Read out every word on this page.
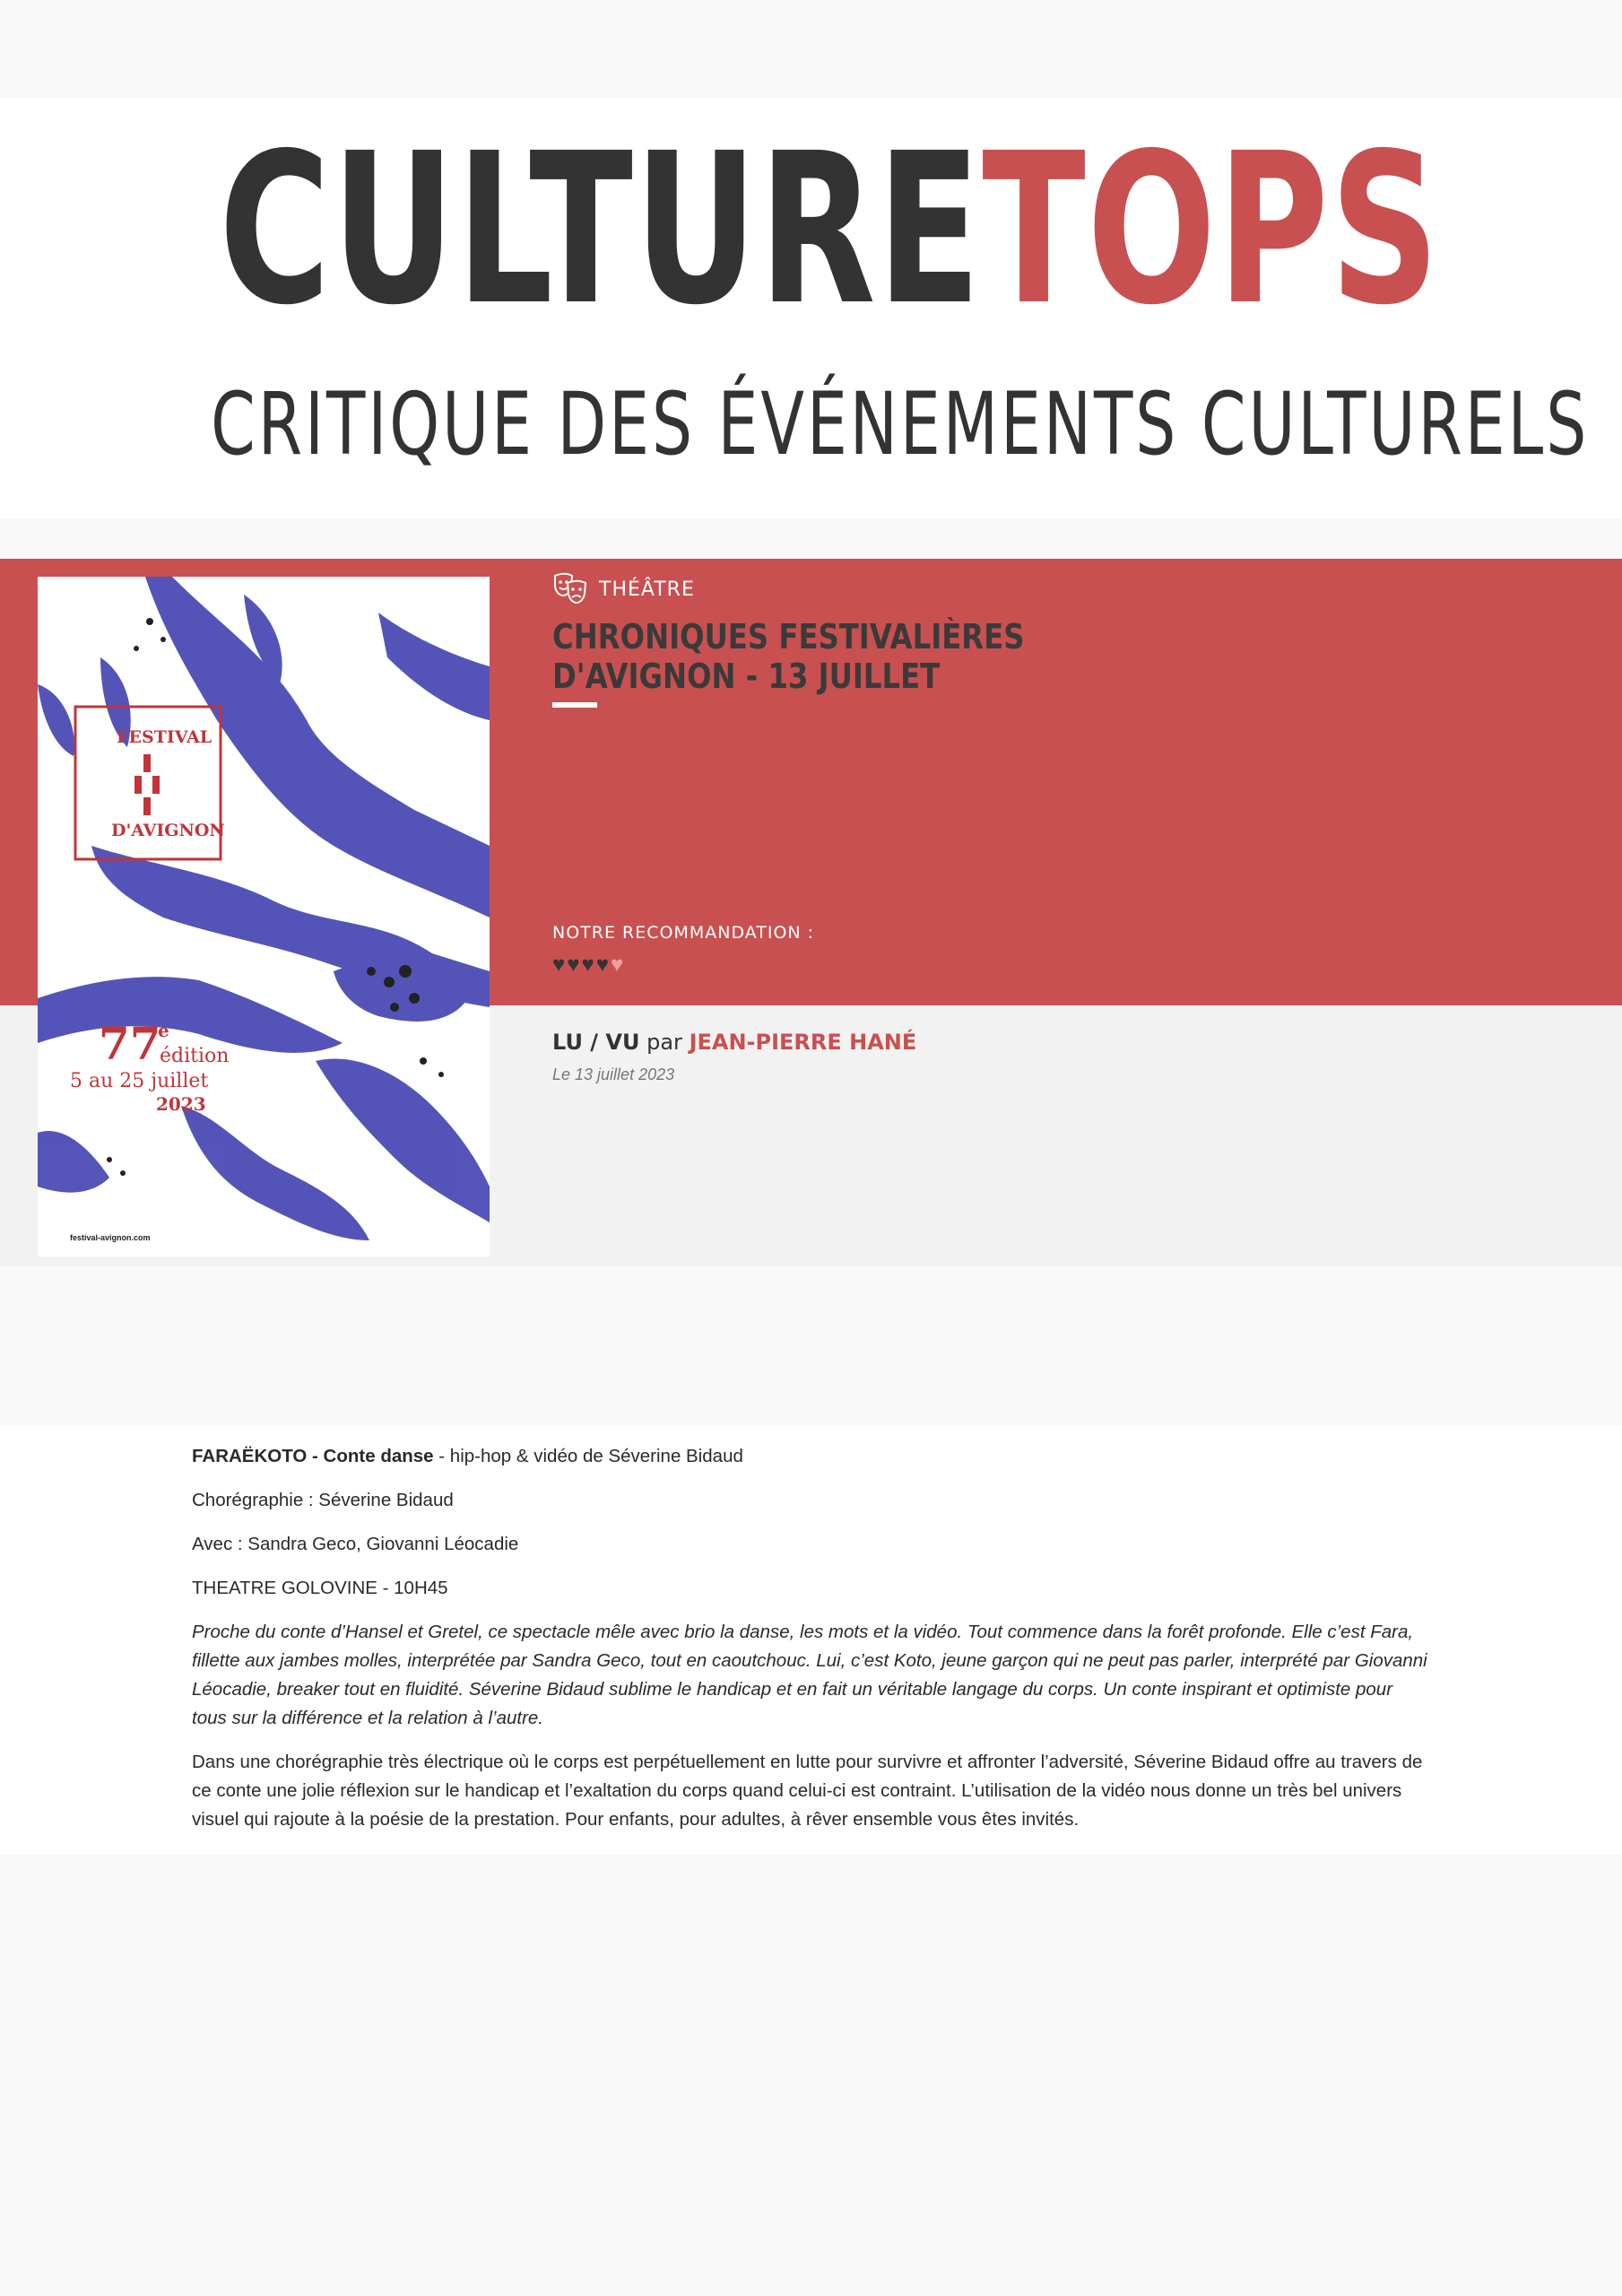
CULTURETOPS
CRITIQUE DES ÉVÉNEMENTS CULTURELS
FESTIVAL
D'AVIGNON
77
e
édition
5 au 25 juillet
2023
festival-avignon.com
THÉÂTRE
CHRONIQUES FESTIVALIÈRES
D'AVIGNON - 13 JUILLET
NOTRE RECOMMANDATION :
♥ ♥ ♥ ♥ ♥
LU / VU par JEAN-PIERRE HANÉ
Le 13 juillet 2023

FARAËKOTO - Conte danse - hip-hop & vidéo de Séverine Bidaud

Chorégraphie : Séverine Bidaud

Avec : Sandra Geco, Giovanni Léocadie

THEATRE GOLOVINE - 10H45

Proche du conte d’Hansel et Gretel, ce spectacle mêle avec brio la danse, les mots et la vidéo. Tout commence dans la forêt profonde. Elle c’est Fara, fillette aux jambes molles, interprétée par Sandra Geco, tout en caoutchouc. Lui, c’est Koto, jeune garçon qui ne peut pas parler, interprété par Giovanni Léocadie, breaker tout en fluidité. Séverine Bidaud sublime le handicap et en fait un véritable langage du corps. Un conte inspirant et optimiste pour tous sur la différence et la relation à l’autre.

Dans une chorégraphie très électrique où le corps est perpétuellement en lutte pour survivre et affronter l’adversité, Séverine Bidaud offre au travers de ce conte une jolie réflexion sur le handicap et l’exaltation du corps quand celui-ci est contraint. L’utilisation de la vidéo nous donne un très bel univers visuel qui rajoute à la poésie de la prestation. Pour enfants, pour adultes, à rêver ensemble vous êtes invités.
